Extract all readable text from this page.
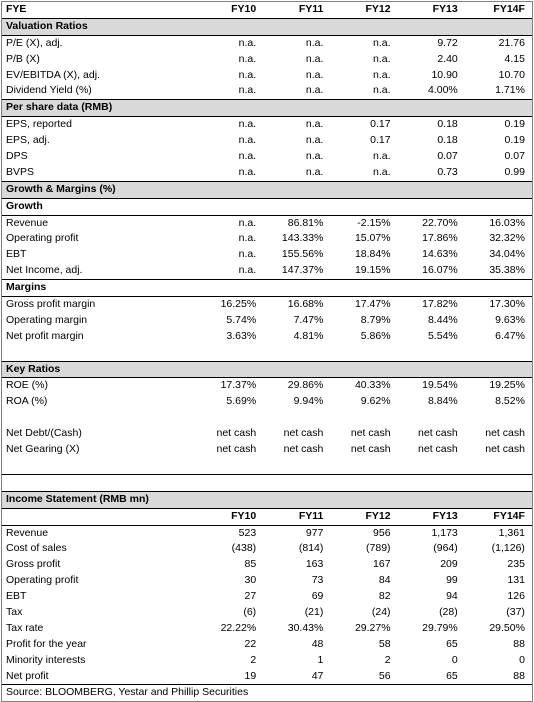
FYE	FY10	FY11	FY12	FY13	FY14F
Valuation Ratios
P/E (X), adj.	n.a.	n.a.	n.a.	9.72	21.76
P/B (X)	n.a.	n.a.	n.a.	2.40	4.15
EV/EBITDA (X), adj.	n.a.	n.a.	n.a.	10.90	10.70
Dividend Yield (%)	n.a.	n.a.	n.a.	4.00%	1.71%
Per share data (RMB)
EPS, reported	n.a.	n.a.	0.17	0.18	0.19
EPS, adj.	n.a.	n.a.	0.17	0.18	0.19
DPS	n.a.	n.a.	n.a.	0.07	0.07
BVPS	n.a.	n.a.	n.a.	0.73	0.99
Growth & Margins (%)
Growth
Revenue	n.a.	86.81%	-2.15%	22.70%	16.03%
Operating profit	n.a.	143.33%	15.07%	17.86%	32.32%
EBT	n.a.	155.56%	18.84%	14.63%	34.04%
Net Income, adj.	n.a.	147.37%	19.15%	16.07%	35.38%
Margins
Gross profit margin	16.25%	16.68%	17.47%	17.82%	17.30%
Operating margin	5.74%	7.47%	8.79%	8.44%	9.63%
Net profit margin	3.63%	4.81%	5.86%	5.54%	6.47%
Key Ratios
ROE (%)	17.37%	29.86%	40.33%	19.54%	19.25%
ROA (%)	5.69%	9.94%	9.62%	8.84%	8.52%
Net Debt/(Cash)	net cash	net cash	net cash	net cash	net cash
Net Gearing (X)	net cash	net cash	net cash	net cash	net cash
Income Statement (RMB mn)
FY10	FY11	FY12	FY13	FY14F
Revenue	523	977	956	1,173	1,361
Cost of sales	(438)	(814)	(789)	(964)	(1,126)
Gross profit	85	163	167	209	235
Operating profit	30	73	84	99	131
EBT	27	69	82	94	126
Tax	(6)	(21)	(24)	(28)	(37)
Tax rate	22.22%	30.43%	29.27%	29.79%	29.50%
Profit for the year	22	48	58	65	88
Minority interests	2	1	2	0	0
Net profit	19	47	56	65	88
Source: BLOOMBERG, Yestar and Phillip Securities
